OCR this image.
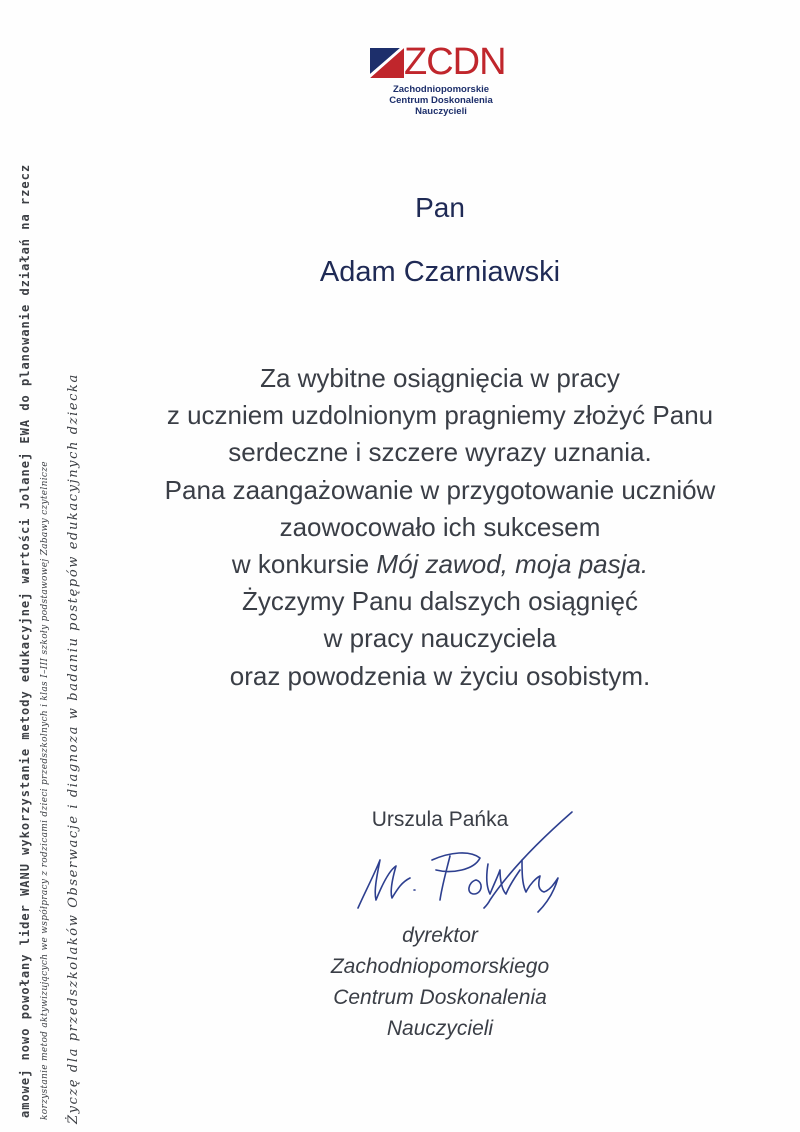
amowej nowo powołany lider WANU wykorzystanie metody edukacyjnej wartości Jolanej EWA do planowanie działań na rzecz korzystanie metod aktywizujących we współpracy z rodzicami dzieci przedszkolnych i klas I–III szkoły podstawowej Zabawy czytelnicze Życzę dla przedszkolaków Obserwacje i diagnoza w badaniu postępów edukacyjnych dziecka
ZCDN
Zachodniopomorskie
Centrum Doskonalenia Nauczycieli
Pan
Adam Czarniawski
Za wybitne osiągnięcia w pracy
z uczniem uzdolnionym pragniemy złożyć Panu
serdeczne i szczere wyrazy uznania.
Pana zaangażowanie w przygotowanie uczniów
zaowocowało ich sukcesem
w konkursie Mój zawod, moja pasja.
Życzymy Panu dalszych osiągnięć
w pracy nauczyciela
oraz powodzenia w życiu osobistym.
Urszula Pańka
dyrektor
Zachodniopomorskiego
Centrum Doskonalenia
Nauczycieli
